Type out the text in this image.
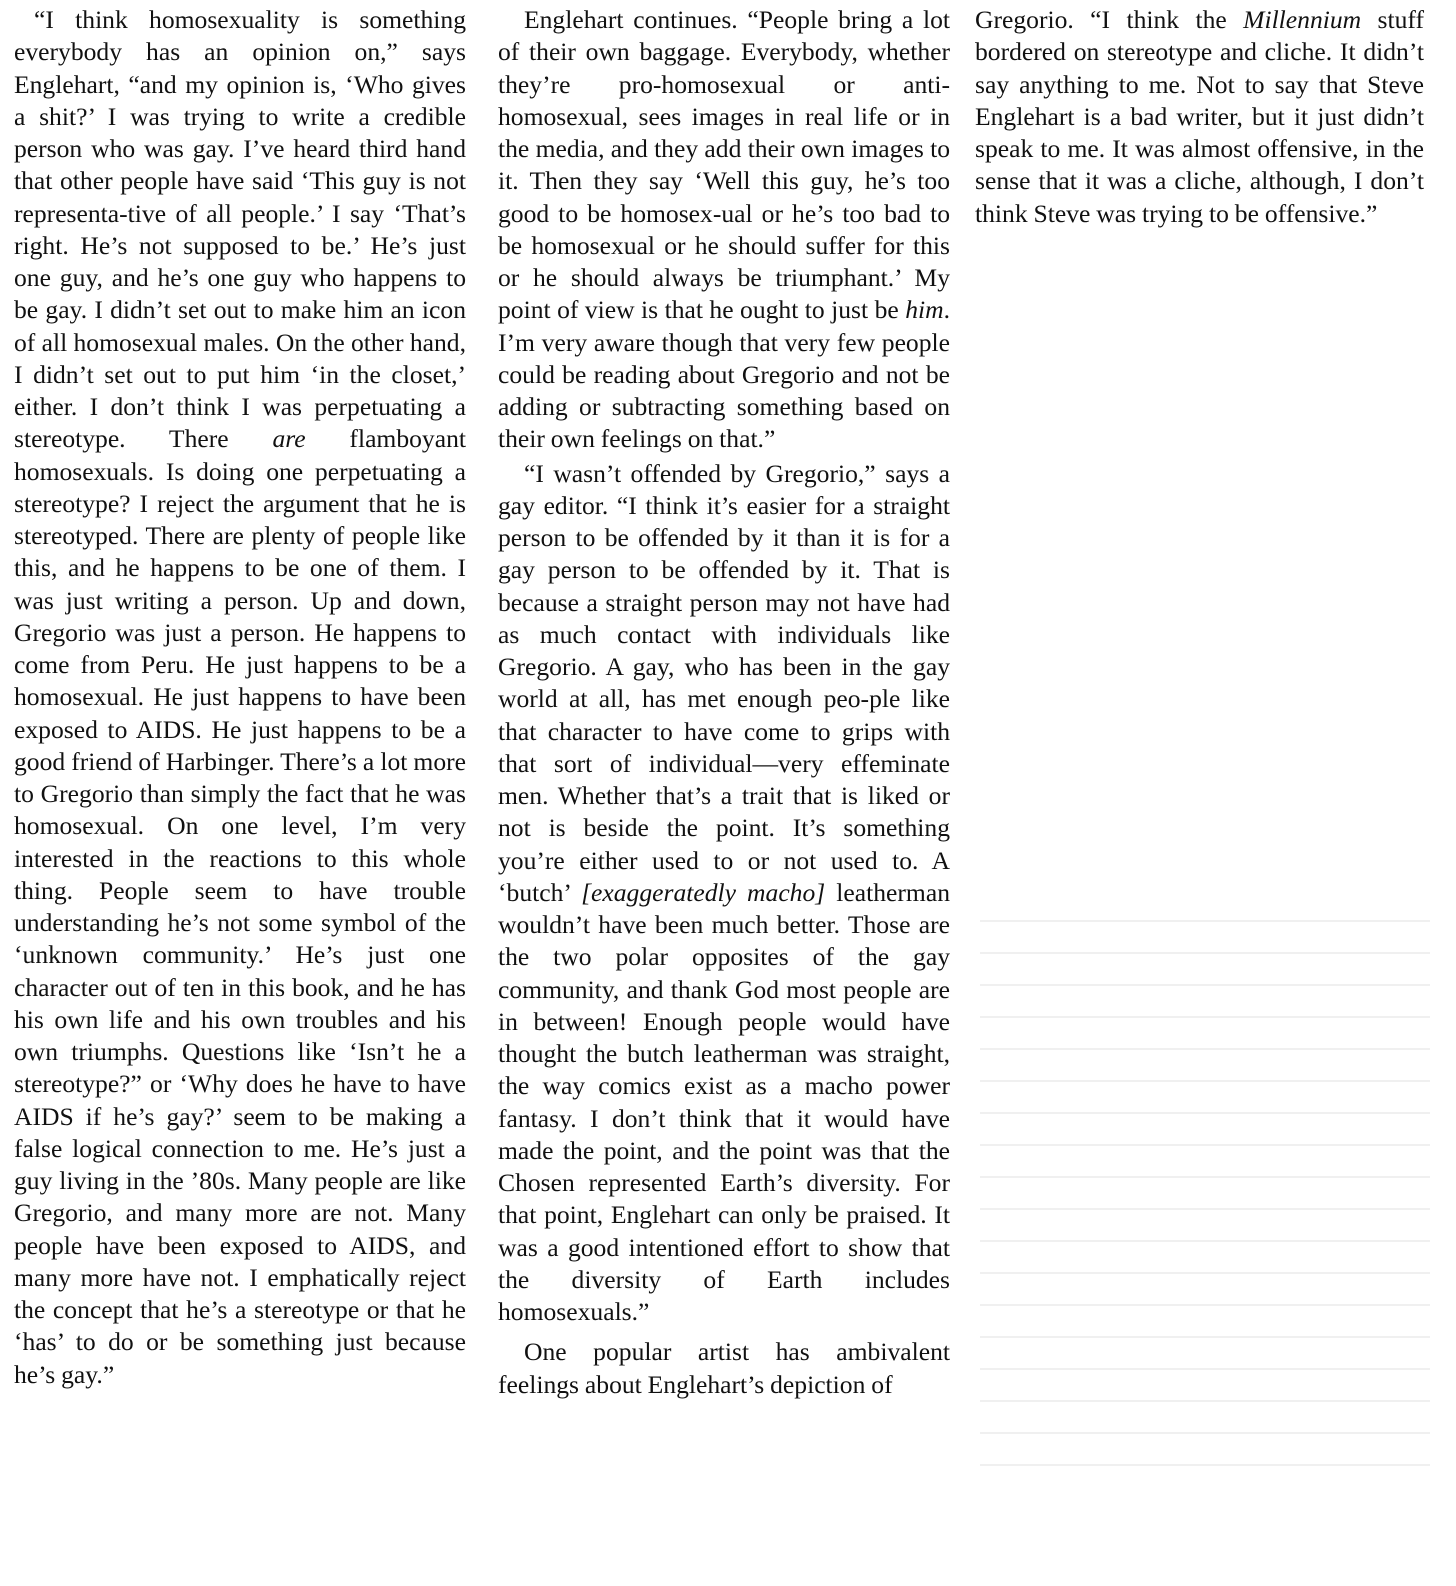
“I think homosexuality is something everybody has an opinion on,” says Englehart, “and my opinion is, ‘Who gives a shit?’ I was trying to write a credible person who was gay. I’ve heard third hand that other people have said ‘This guy is not representa-tive of all people.’ I say ‘That’s right. He’s not supposed to be.’ He’s just one guy, and he’s one guy who happens to be gay. I didn’t set out to make him an icon of all homosexual males. On the other hand, I didn’t set out to put him ‘in the closet,’ either. I don’t think I was perpetuating a stereotype. There are flamboyant homosexuals. Is doing one perpetuating a stereotype? I reject the argument that he is stereotyped. There are plenty of people like this, and he happens to be one of them. I was just writing a person. Up and down, Gregorio was just a person. He happens to come from Peru. He just happens to be a homosexual. He just happens to have been exposed to AIDS. He just happens to be a good friend of Harbinger. There’s a lot more to Gregorio than simply the fact that he was homosexual. On one level, I’m very interested in the reactions to this whole thing. People seem to have trouble understanding he’s not some symbol of the ‘unknown community.’ He’s just one character out of ten in this book, and he has his own life and his own troubles and his own triumphs. Questions like ‘Isn’t he a stereotype?” or ‘Why does he have to have AIDS if he’s gay?’ seem to be making a false logical connection to me. He’s just a guy living in the ’80s. Many people are like Gregorio, and many more are not. Many people have been exposed to AIDS, and many more have not. I emphatically reject the concept that he’s a stereotype or that he ‘has’ to do or be something just because he’s gay.”

Englehart continues. “People bring a lot of their own baggage. Everybody, whether they’re pro-homosexual or anti-homosexual, sees images in real life or in the media, and they add their own images to it. Then they say ‘Well this guy, he’s too good to be homosex-ual or he’s too bad to be homosexual or he should suffer for this or he should always be triumphant.’ My point of view is that he ought to just be him. I’m very aware though that very few people could be reading about Gregorio and not be adding or subtracting something based on their own feelings on that.”

“I wasn’t offended by Gregorio,” says a gay editor. “I think it’s easier for a straight person to be offended by it than it is for a gay person to be offended by it. That is because a straight person may not have had as much contact with individuals like Gregorio. A gay, who has been in the gay world at all, has met enough peo-ple like that character to have come to grips with that sort of individual—very effeminate men. Whether that’s a trait that is liked or not is beside the point. It’s something you’re either used to or not used to. A ‘butch’ [exaggeratedly macho] leatherman wouldn’t have been much better. Those are the two polar opposites of the gay community, and thank God most people are in between! Enough people would have thought the butch leatherman was straight, the way comics exist as a macho power fantasy. I don’t think that it would have made the point, and the point was that the Chosen represented Earth’s diversity. For that point, Englehart can only be praised. It was a good intentioned effort to show that the diversity of Earth includes homosexuals.”

One popular artist has ambivalent feelings about Englehart’s depiction of

Gregorio. “I think the Millennium stuff bordered on stereotype and cliche. It didn’t say anything to me. Not to say that Steve Englehart is a bad writer, but it just didn’t speak to me. It was almost offensive, in the sense that it was a cliche, although, I don’t think Steve was trying to be offensive.”
